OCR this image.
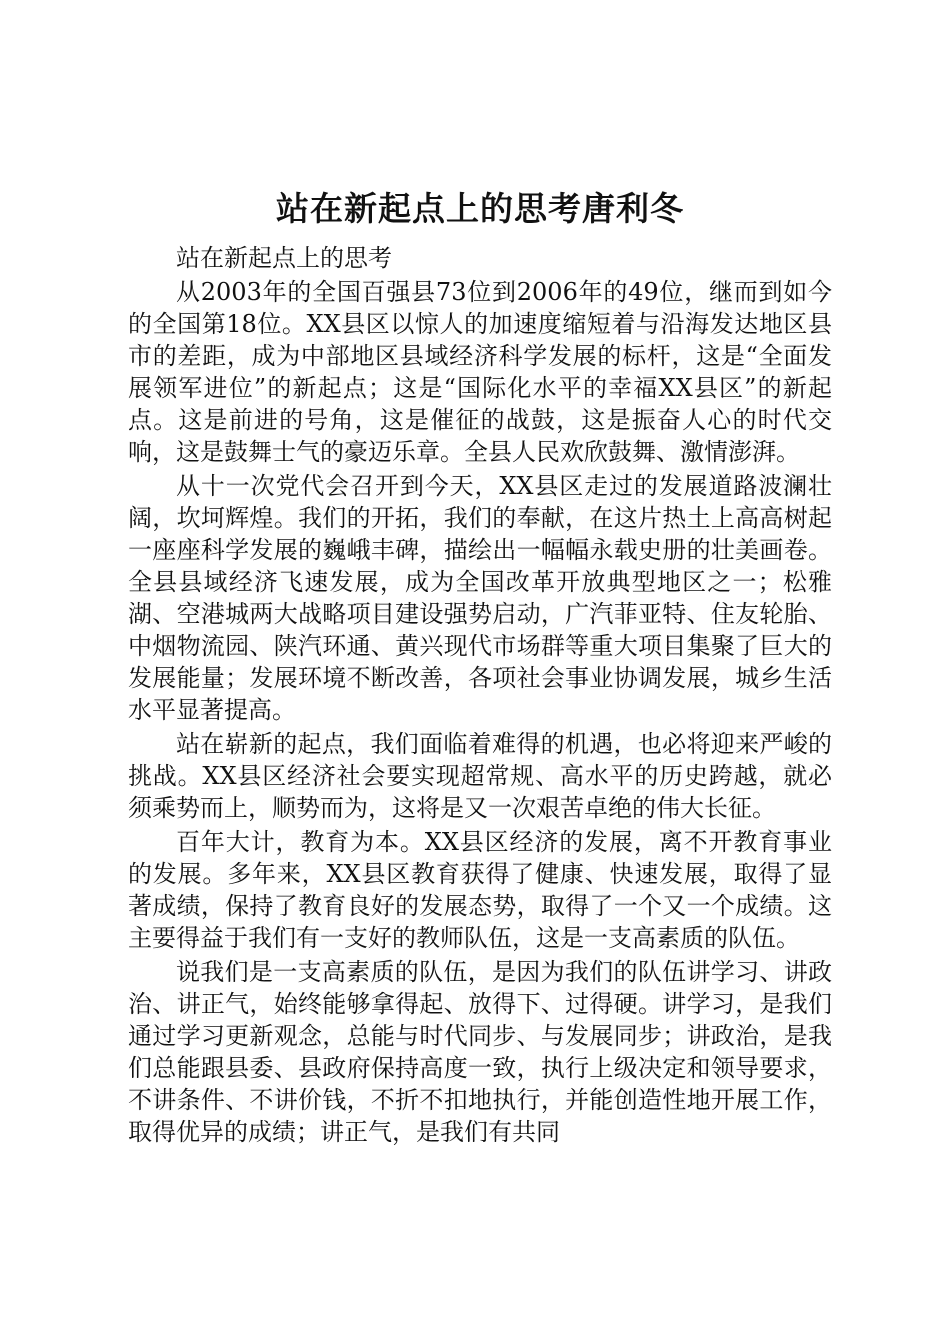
站在新起点上的思考唐利冬

站在新起点上的思考

从2003年的全国百强县73位到2006年的49位，继而到如今的全国第18位。XX县区以惊人的加速度缩短着与沿海发达地区县市的差距，成为中部地区县域经济科学发展的标杆，这是“全面发展领军进位”的新起点；这是“国际化水平的幸福XX县区”的新起点。这是前进的号角，这是催征的战鼓，这是振奋人心的时代交响，这是鼓舞士气的豪迈乐章。全县人民欢欣鼓舞、激情澎湃。

从十一次党代会召开到今天，XX县区走过的发展道路波澜壮阔，坎坷辉煌。我们的开拓，我们的奉献，在这片热土上高高树起一座座科学发展的巍峨丰碑，描绘出一幅幅永载史册的壮美画卷。全县县域经济飞速发展，成为全国改革开放典型地区之一；松雅湖、空港城两大战略项目建设强势启动，广汽菲亚特、住友轮胎、中烟物流园、陕汽环通、黄兴现代市场群等重大项目集聚了巨大的发展能量；发展环境不断改善，各项社会事业协调发展，城乡生活水平显著提高。

站在崭新的起点，我们面临着难得的机遇，也必将迎来严峻的挑战。XX县区经济社会要实现超常规、高水平的历史跨越，就必须乘势而上，顺势而为，这将是又一次艰苦卓绝的伟大长征。

百年大计，教育为本。XX县区经济的发展，离不开教育事业的发展。多年来，XX县区教育获得了健康、快速发展，取得了显著成绩，保持了教育良好的发展态势，取得了一个又一个成绩。这主要得益于我们有一支好的教师队伍，这是一支高素质的队伍。

说我们是一支高素质的队伍，是因为我们的队伍讲学习、讲政治、讲正气，始终能够拿得起、放得下、过得硬。讲学习，是我们通过学习更新观念，总能与时代同步、与发展同步；讲政治，是我们总能跟县委、县政府保持高度一致，执行上级决定和领导要求，不讲条件、不讲价钱，不折不扣地执行，并能创造性地开展工作，取得优异的成绩；讲正气，是我们有共同
